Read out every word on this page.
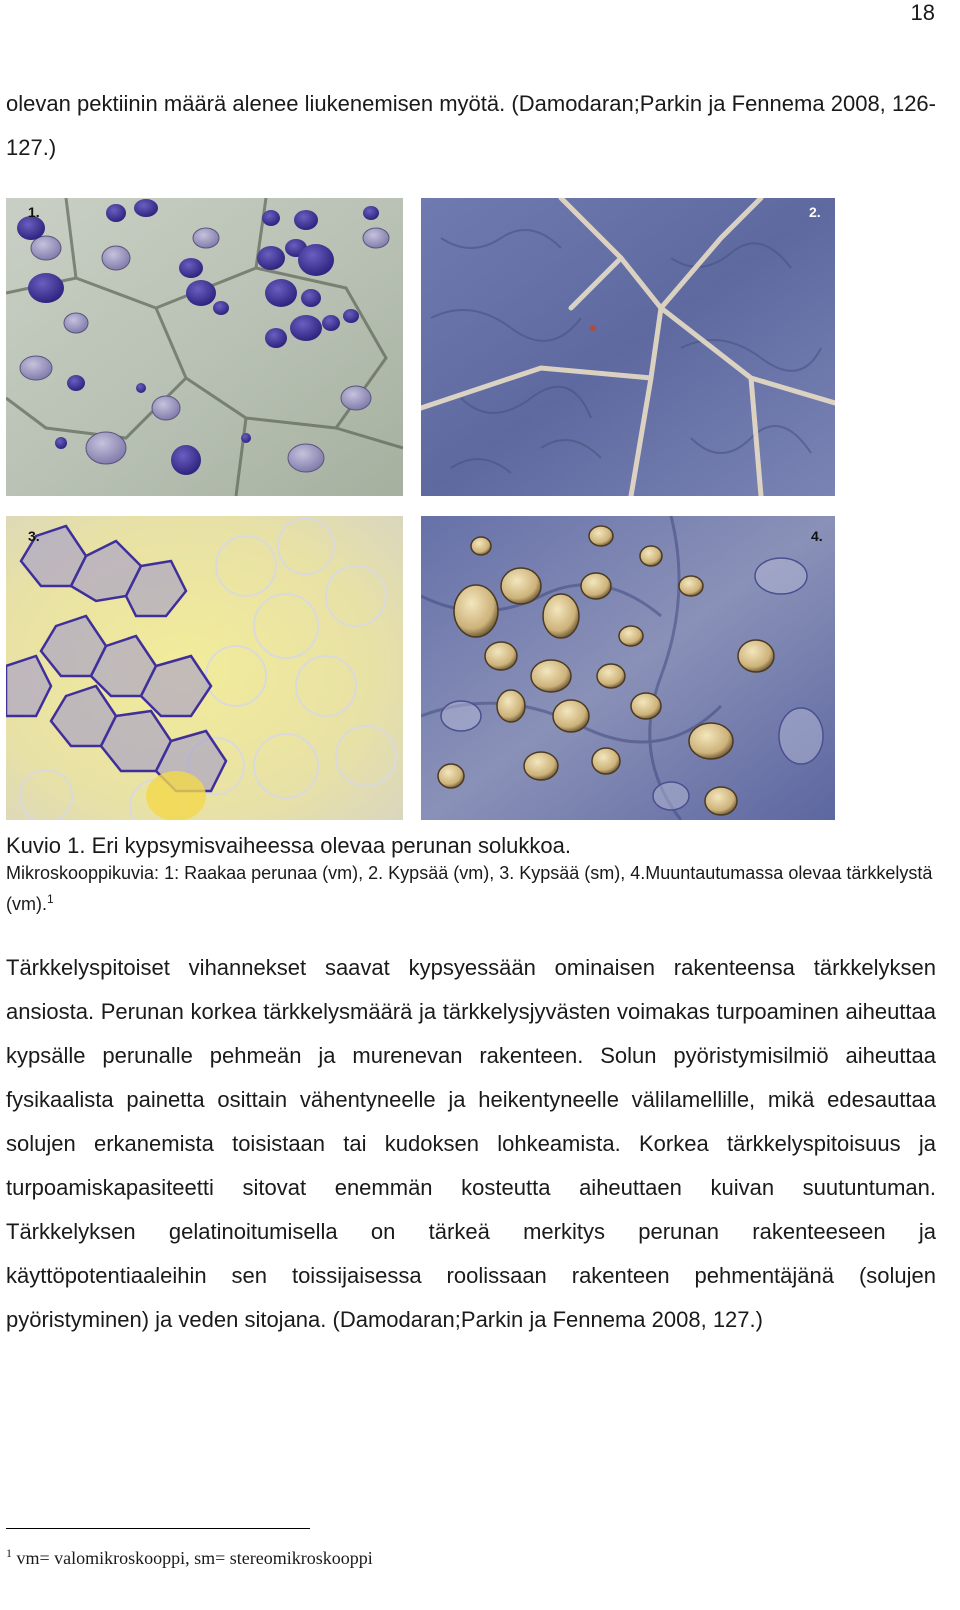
18

olevan pektiinin määrä alenee liukenemisen myötä. (Damodaran;Parkin ja Fennema 2008, 126-127.)

1.	2.
3.	4.
Kuvio 1. Eri kypsymisvaiheessa olevaa perunan solukkoa.
Mikroskooppikuvia: 1: Raakaa perunaa (vm), 2. Kypsää (vm), 3. Kypsää (sm), 4.Muuntautumassa olevaa tärkkelystä (vm).$^1$

Tärkkelyspitoiset vihannekset saavat kypsyessään ominaisen rakenteensa tärkkelyksen ansiosta. Perunan korkea tärkkelysmäärä ja tärkkelysjyvästen voimakas turpoaminen aiheuttaa kypsälle perunalle pehmeän ja murenevan rakenteen. Solun pyöristymisilmiö aiheuttaa fysikaalista painetta osittain vähentyneelle ja heikentyneelle välilamellille, mikä edesauttaa solujen erkanemista toisistaan tai kudoksen lohkeamista. Korkea tärkkelyspitoisuus ja turpoamiskapasiteetti sitovat enemmän kosteutta aiheuttaen kuivan suutuntuman. Tärkkelyksen gelatinoitumisella on tärkeä merkitys perunan rakenteeseen ja käyttöpotentiaaleihin sen toissijaisessa roolissaan rakenteen pehmentäjänä (solujen pyöristyminen) ja veden sitojana. (Damodaran;Parkin ja Fennema 2008, 127.)

$^1$ vm= valomikroskooppi, sm= stereomikroskooppi
